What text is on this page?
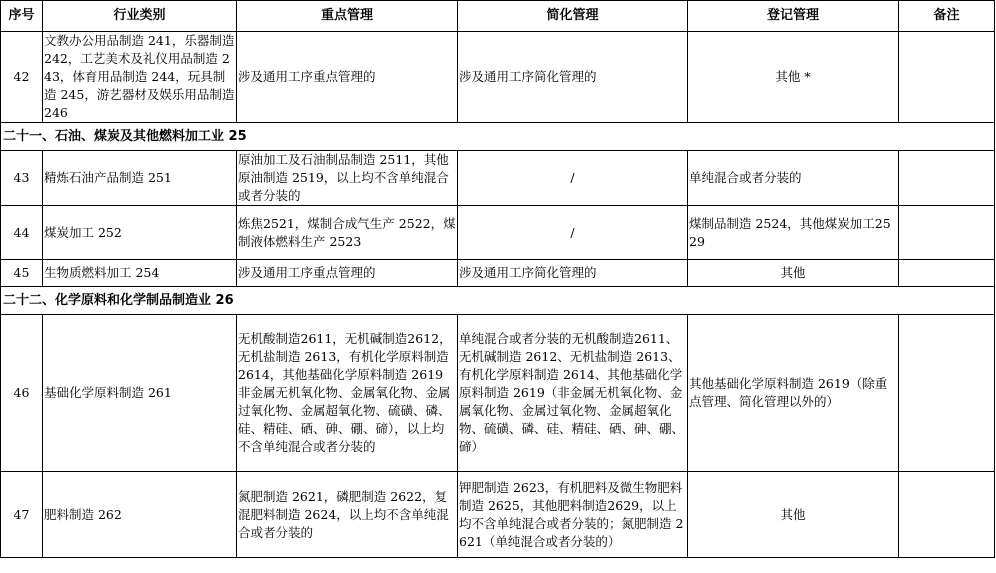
序号	行业类别	重点管理	简化管理	登记管理	备注
42	文教办公用品制造 241，乐器制造242，工艺美术及礼仪用品制造 243，体育用品制造 244，玩具制造 245，游艺器材及娱乐用品制造 246	涉及通用工序重点管理的	涉及通用工序简化管理的	其他 *	
二十一、石油、煤炭及其他燃料加工业 25					
43	精炼石油产品制造 251	原油加工及石油制品制造 2511，其他原油制造 2519，以上均不含单纯混合或者分装的	/	单纯混合或者分装的	
44	煤炭加工 252	炼焦2521，煤制合成气生产 2522，煤制液体燃料生产 2523	/	煤制品制造 2524，其他煤炭加工2529	
45	生物质燃料加工 254	涉及通用工序重点管理的	涉及通用工序简化管理的	其他	
二十二、化学原料和化学制品制造业 26					
46	基础化学原料制造 261	无机酸制造2611，无机碱制造2612，无机盐制造 2613，有机化学原料制造2614，其他基础化学原料制造 2619 非金属无机氧化物、金属氧化物、金属过氧化物、金属超氧化物、硫磺、磷、硅、精硅、硒、砷、硼、碲），以上均不含单纯混合或者分装的	单纯混合或者分装的无机酸制造2611、无机碱制造 2612、无机盐制造 2613、有机化学原料制造 2614、其他基础化学原料制造 2619（非金属无机氧化物、金属氧化物、金属过氧化物、金属超氧化物、硫磺、磷、硅、精硅、硒、砷、硼、碲）	其他基础化学原料制造 2619（除重点管理、简化管理以外的）	
47	肥料制造 262	氮肥制造 2621，磷肥制造 2622，复混肥料制造 2624，以上均不含单纯混合或者分装的	钾肥制造 2623，有机肥料及微生物肥料制造 2625，其他肥料制造2629，以上均不含单纯混合或者分装的；氮肥制造 2621（单纯混合或者分装的）	其他	
